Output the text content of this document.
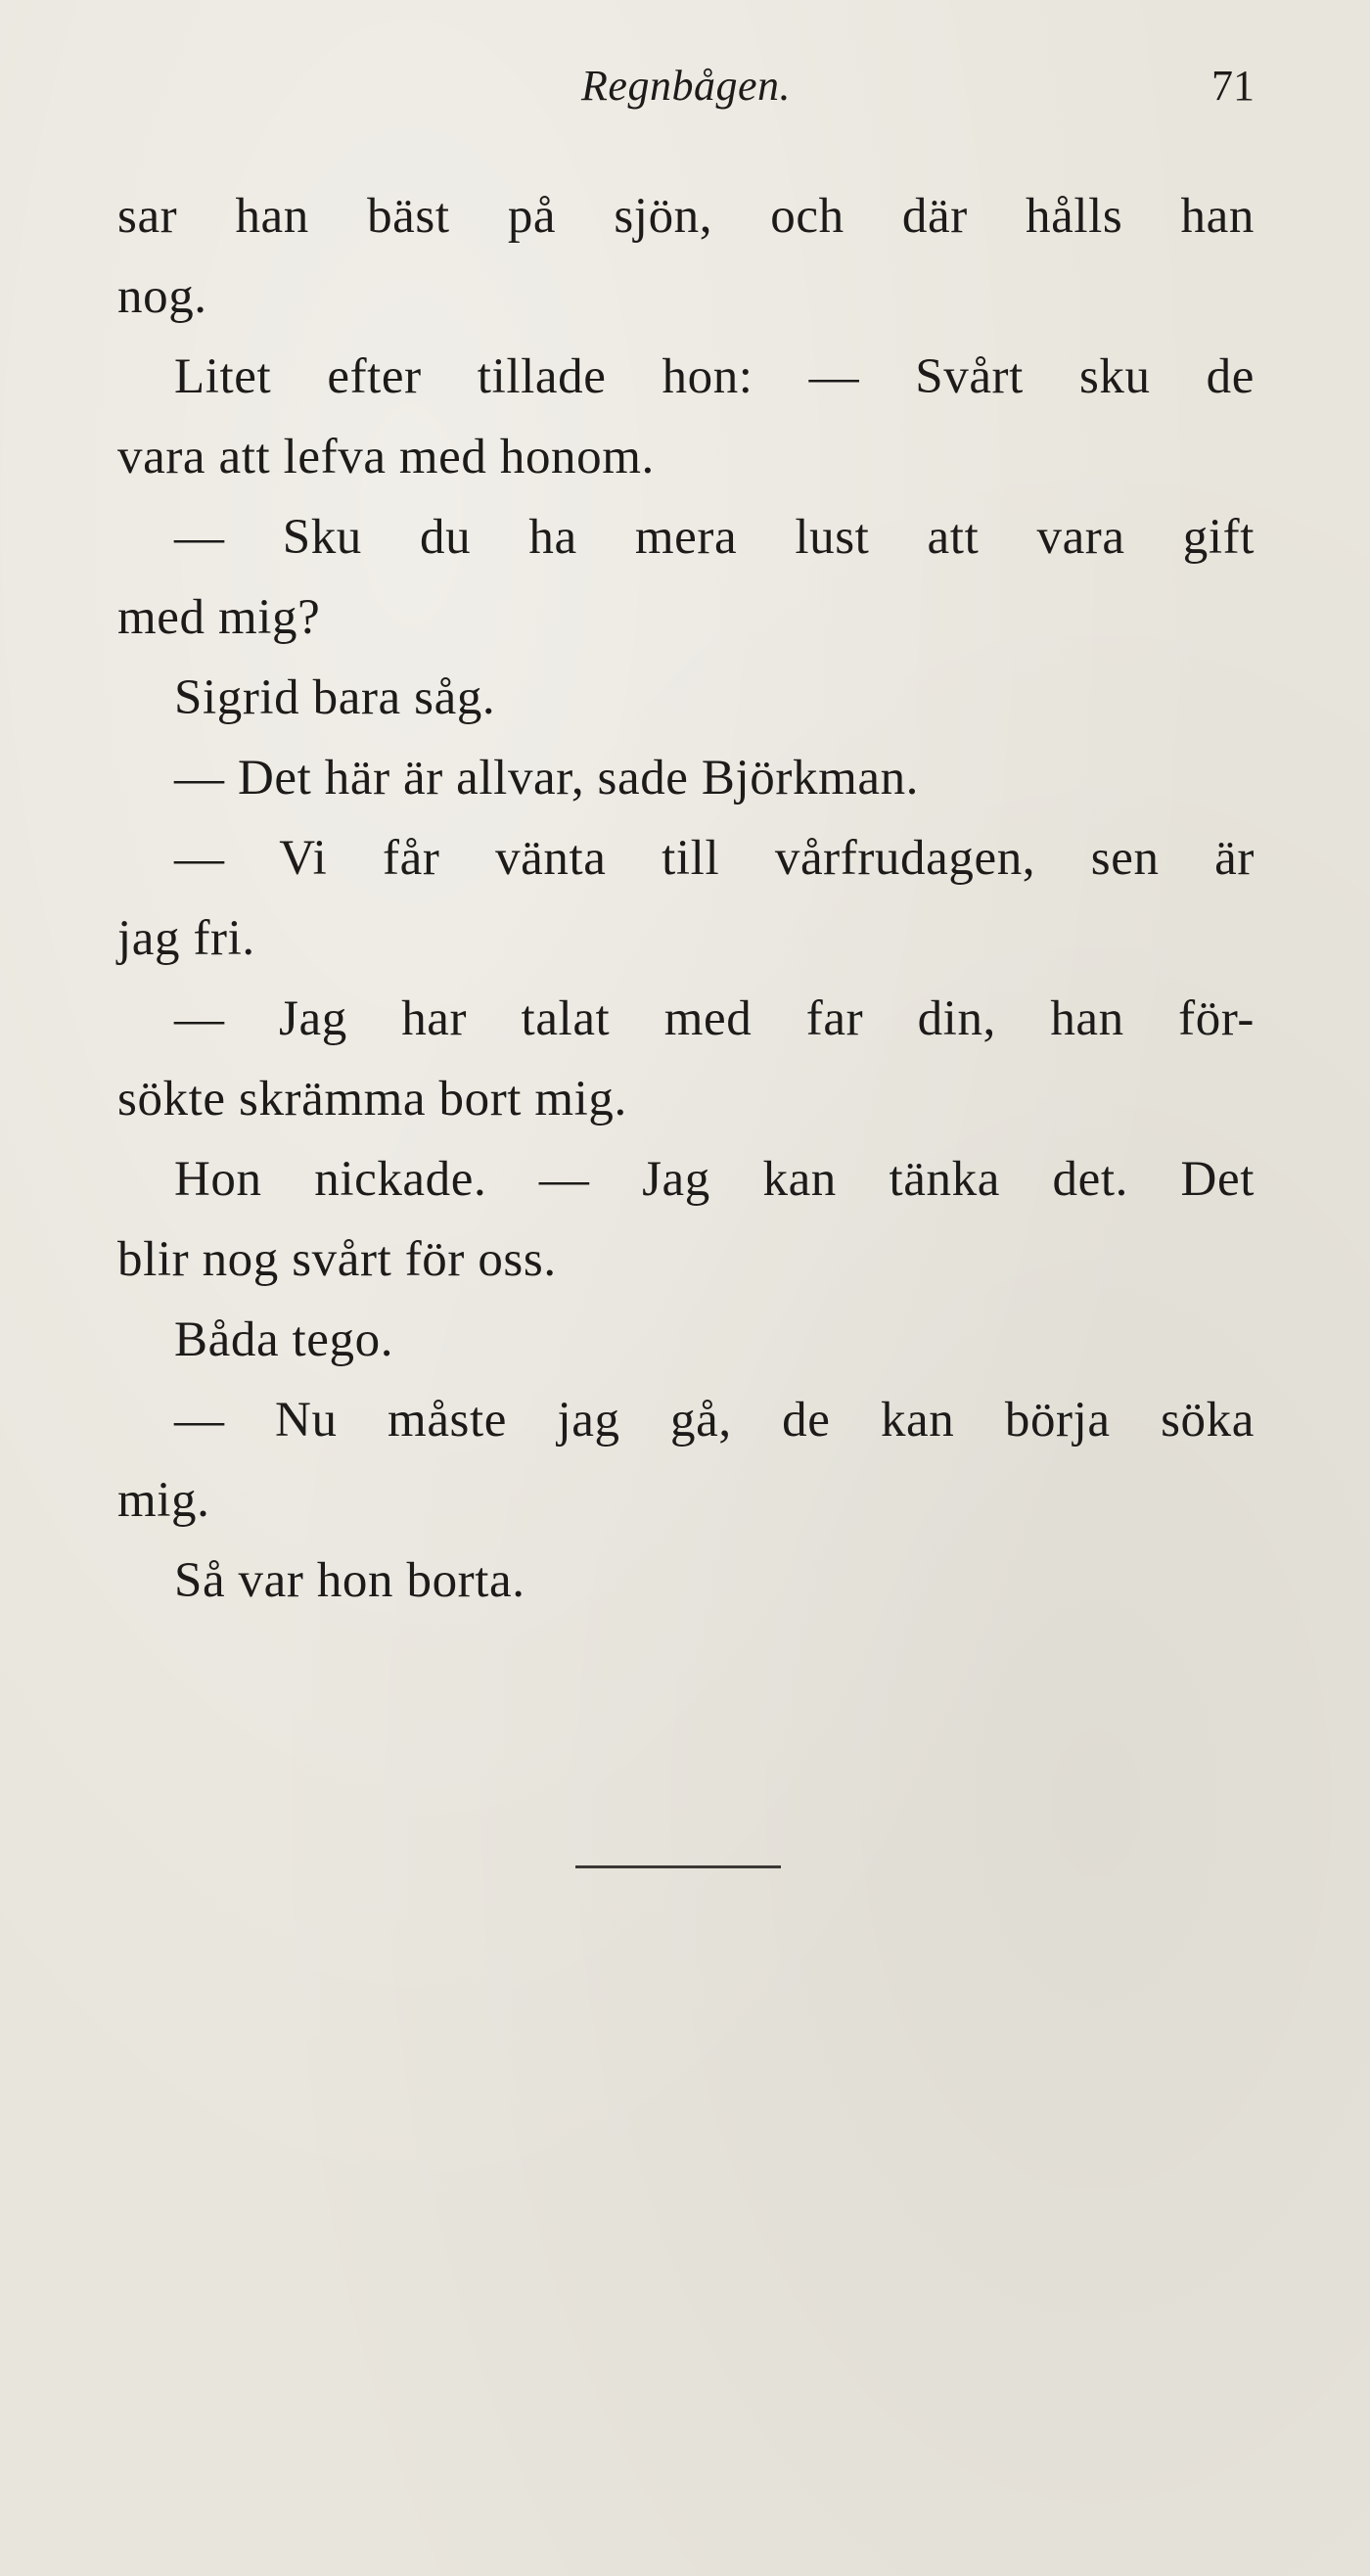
Regnbågen.	71
sar han bäst på sjön, och där hålls han
nog.
Litet efter tillade hon: — Svårt sku de
vara att lefva med honom.
— Sku du ha mera lust att vara gift
med mig?
Sigrid bara såg.
— Det här är allvar, sade Björkman.
— Vi får vänta till vårfrudagen, sen är
jag fri.
— Jag har talat med far din, han för-
sökte skrämma bort mig.
Hon nickade. — Jag kan tänka det. Det
blir nog svårt för oss.
Båda tego.
— Nu måste jag gå, de kan börja söka
mig.
Så var hon borta.
